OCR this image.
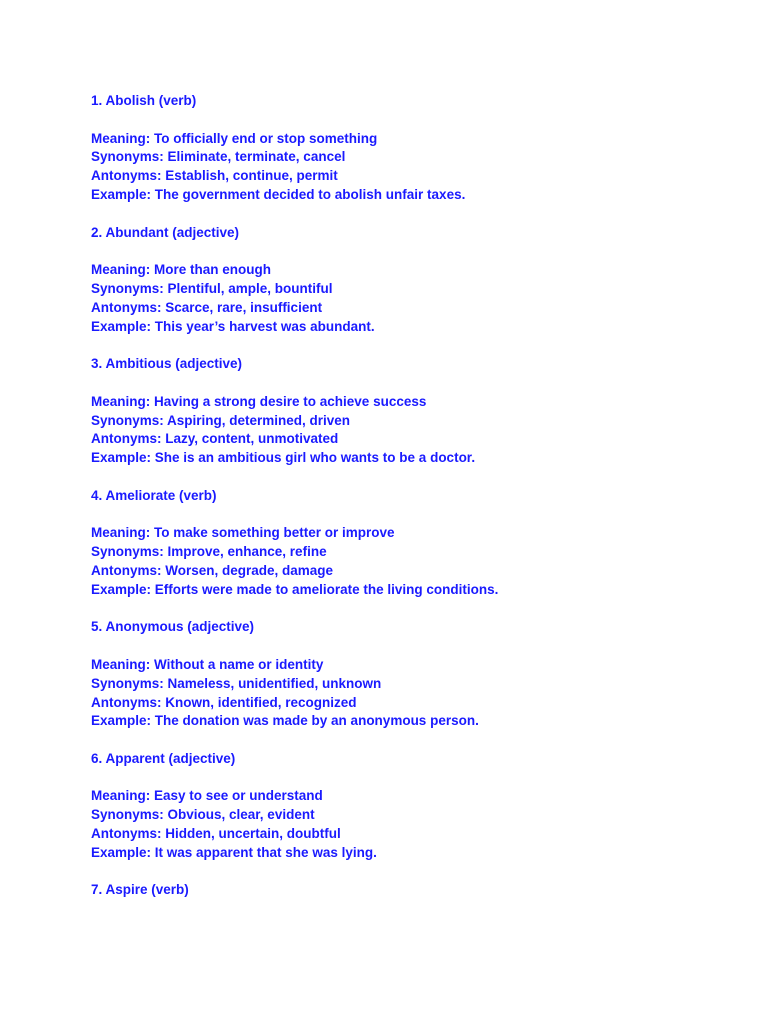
1. Abolish (verb)

Meaning: To officially end or stop something
Synonyms: Eliminate, terminate, cancel
Antonyms: Establish, continue, permit
Example: The government decided to abolish unfair taxes.

2. Abundant (adjective)

Meaning: More than enough
Synonyms: Plentiful, ample, bountiful
Antonyms: Scarce, rare, insufficient
Example: This year’s harvest was abundant.

3. Ambitious (adjective)

Meaning: Having a strong desire to achieve success
Synonyms: Aspiring, determined, driven
Antonyms: Lazy, content, unmotivated
Example: She is an ambitious girl who wants to be a doctor.

4. Ameliorate (verb)

Meaning: To make something better or improve
Synonyms: Improve, enhance, refine
Antonyms: Worsen, degrade, damage
Example: Efforts were made to ameliorate the living conditions.

5. Anonymous (adjective)

Meaning: Without a name or identity
Synonyms: Nameless, unidentified, unknown
Antonyms: Known, identified, recognized
Example: The donation was made by an anonymous person.

6. Apparent (adjective)

Meaning: Easy to see or understand
Synonyms: Obvious, clear, evident
Antonyms: Hidden, uncertain, doubtful
Example: It was apparent that she was lying.

7. Aspire (verb)
